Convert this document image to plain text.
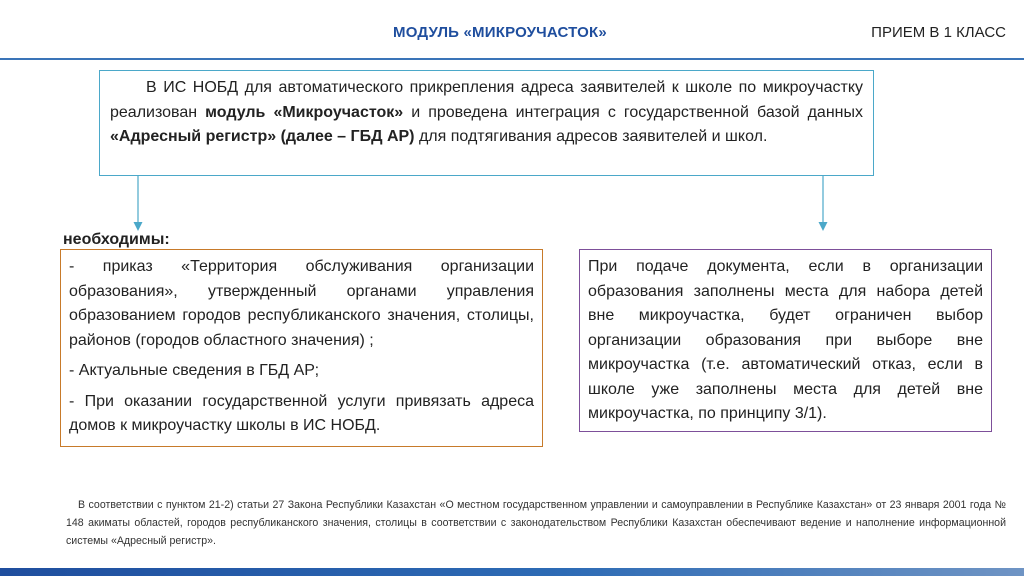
МОДУЛЬ «МИКРОУЧАСТОК»	ПРИЕМ В 1 КЛАСС
В ИС НОБД для автоматического прикрепления адреса заявителей к школе по микроучастку реализован модуль «Микроучасток» и проведена интеграция с государственной базой данных «Адресный регистр» (далее – ГБД АР) для подтягивания адресов заявителей и школ.
необходимы:

- приказ «Территория обслуживания организации образования», утвержденный органами управления образованием городов республиканского значения, столицы, районов (городов областного значения) ;

- Актуальные сведения в ГБД АР;

- При оказании государственной услуги привязать адреса домов к микроучастку школы в ИС НОБД.

При подаче документа, если в организации образования заполнены места для набора детей вне микроучастка, будет ограничен выбор организации образования при выборе вне микроучастка (т.е. автоматический отказ, если в школе уже заполнены места для детей вне микроучастка, по принципу 3/1).
В соответствии с пунктом 21-2) статьи 27 Закона Республики Казахстан «О местном государственном управлении и самоуправлении в Республике Казахстан» от 23 января 2001 года № 148 акиматы областей, городов республиканского значения, столицы в соответствии с законодательством Республики Казахстан обеспечивают ведение и наполнение информационной системы «Адресный регистр».
